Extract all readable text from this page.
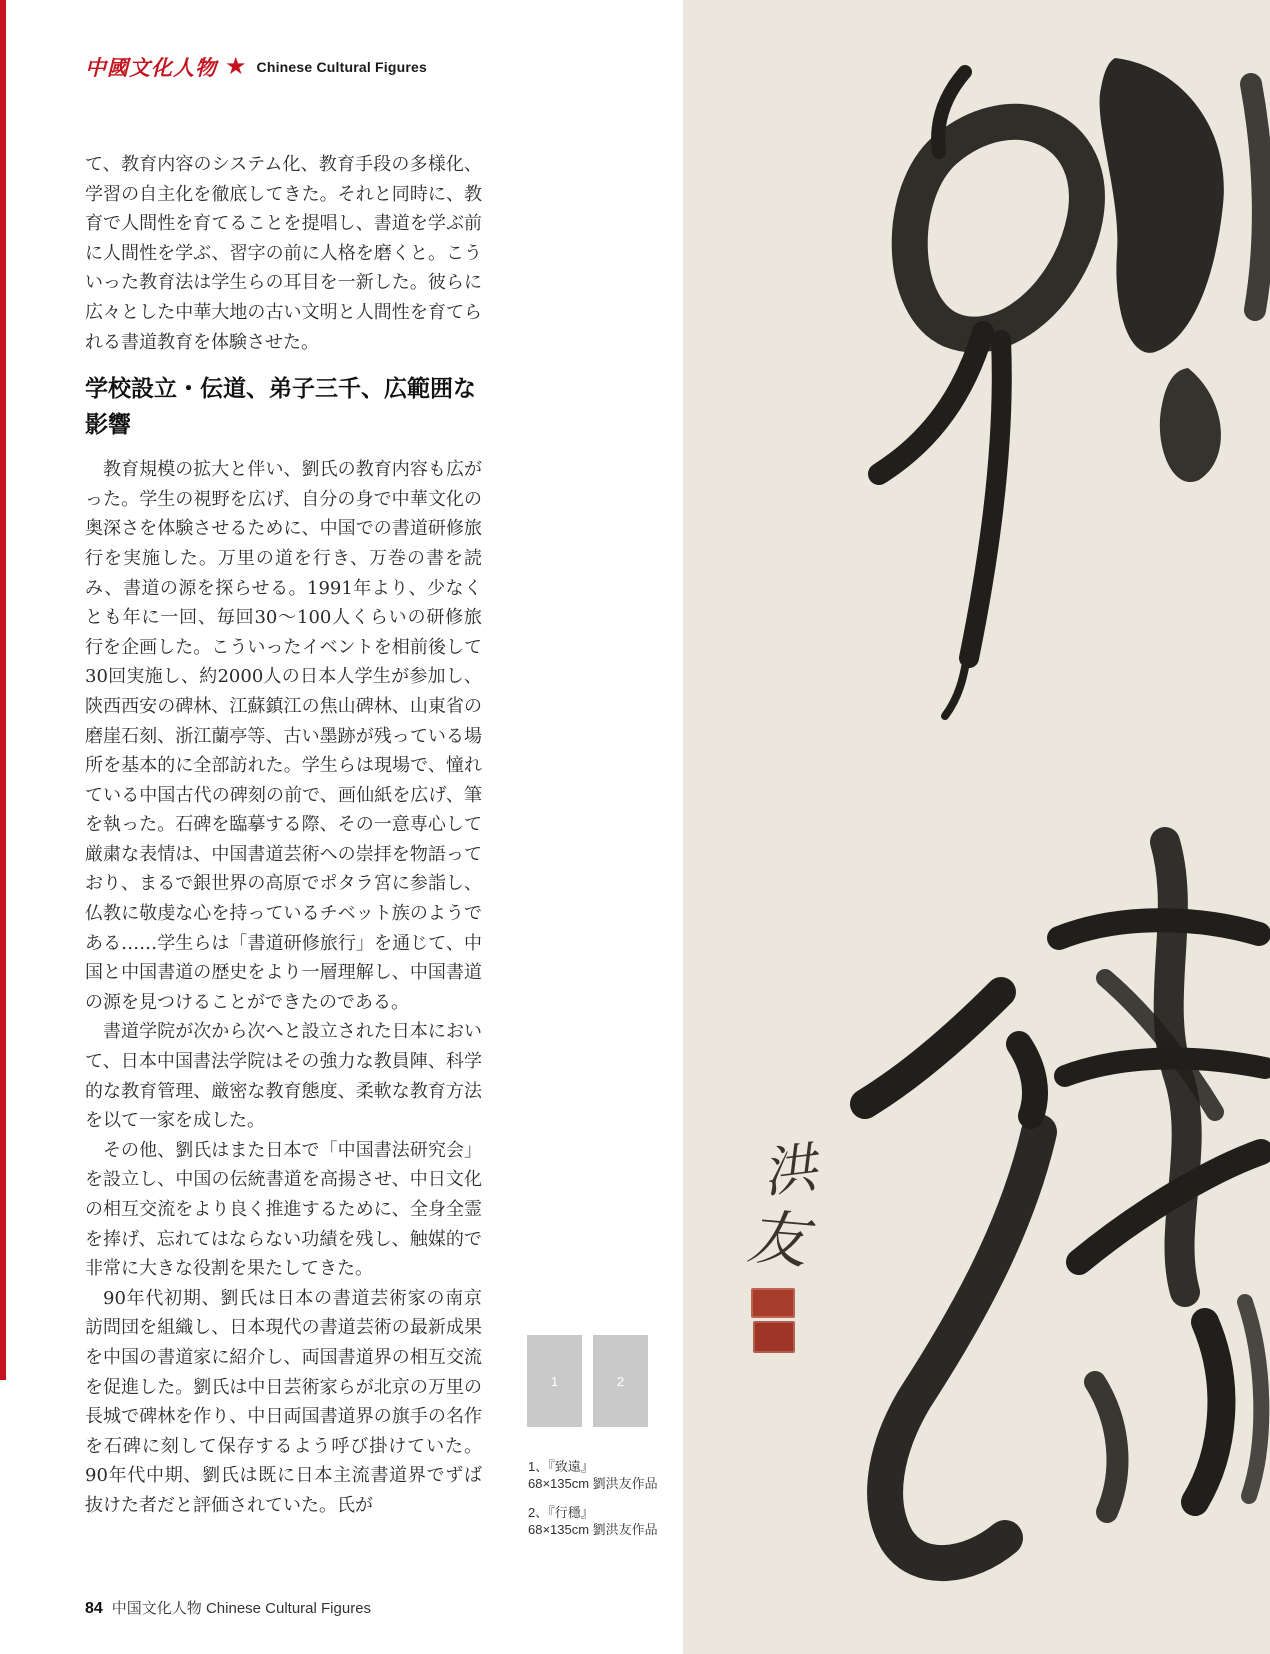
中國文化人物 ★ Chinese Cultural Figures

て、教育内容のシステム化、教育手段の多様化、学習の自主化を徹底してきた。それと同時に、教育で人間性を育てることを提唱し、書道を学ぶ前に人間性を学ぶ、習字の前に人格を磨くと。こういった教育法は学生らの耳目を一新した。彼らに広々とした中華大地の古い文明と人間性を育てられる書道教育を体験させた。

学校設立・伝道、弟子三千、広範囲な影響

教育規模の拡大と伴い、劉氏の教育内容も広がった。学生の視野を広げ、自分の身で中華文化の奥深さを体験させるために、中国での書道研修旅行を実施した。万里の道を行き、万巻の書を読み、書道の源を探らせる。1991年より、少なくとも年に一回、毎回30～100人くらいの研修旅行を企画した。こういったイベントを相前後して30回実施し、約2000人の日本人学生が参加し、陝西西安の碑林、江蘇鎮江の焦山碑林、山東省の磨崖石刻、浙江蘭亭等、古い墨跡が残っている場所を基本的に全部訪れた。学生らは現場で、憧れている中国古代の碑刻の前で、画仙紙を広げ、筆を執った。石碑を臨摹する際、その一意専心して厳粛な表情は、中国書道芸術への崇拝を物語っており、まるで銀世界の高原でポタラ宮に参詣し、仏教に敬虔な心を持っているチベット族のようである……学生らは「書道研修旅行」を通じて、中国と中国書道の歴史をより一層理解し、中国書道の源を見つけることができたのである。

書道学院が次から次へと設立された日本において、日本中国書法学院はその強力な教員陣、科学的な教育管理、厳密な教育態度、柔軟な教育方法を以て一家を成した。

その他、劉氏はまた日本で「中国書法研究会」を設立し、中国の伝統書道を高揚させ、中日文化の相互交流をより良く推進するために、全身全霊を捧げ、忘れてはならない功績を残し、触媒的で非常に大きな役割を果たしてきた。

90年代初期、劉氏は日本の書道芸術家の南京訪問団を組織し、日本現代の書道芸術の最新成果を中国の書道家に紹介し、両国書道界の相互交流を促進した。劉氏は中日芸術家らが北京の万里の長城で碑林を作り、中日両国書道界の旗手の名作を石碑に刻して保存するよう呼び掛けていた。90年代中期、劉氏は既に日本主流書道界でずば抜けた者だと評価されていた。氏が

1	2
1、『致遠』
68×135cm 劉洪友作品
2、『行穩』
68×135cm 劉洪友作品
洪
友
84 中国文化人物 Chinese Cultural Figures
